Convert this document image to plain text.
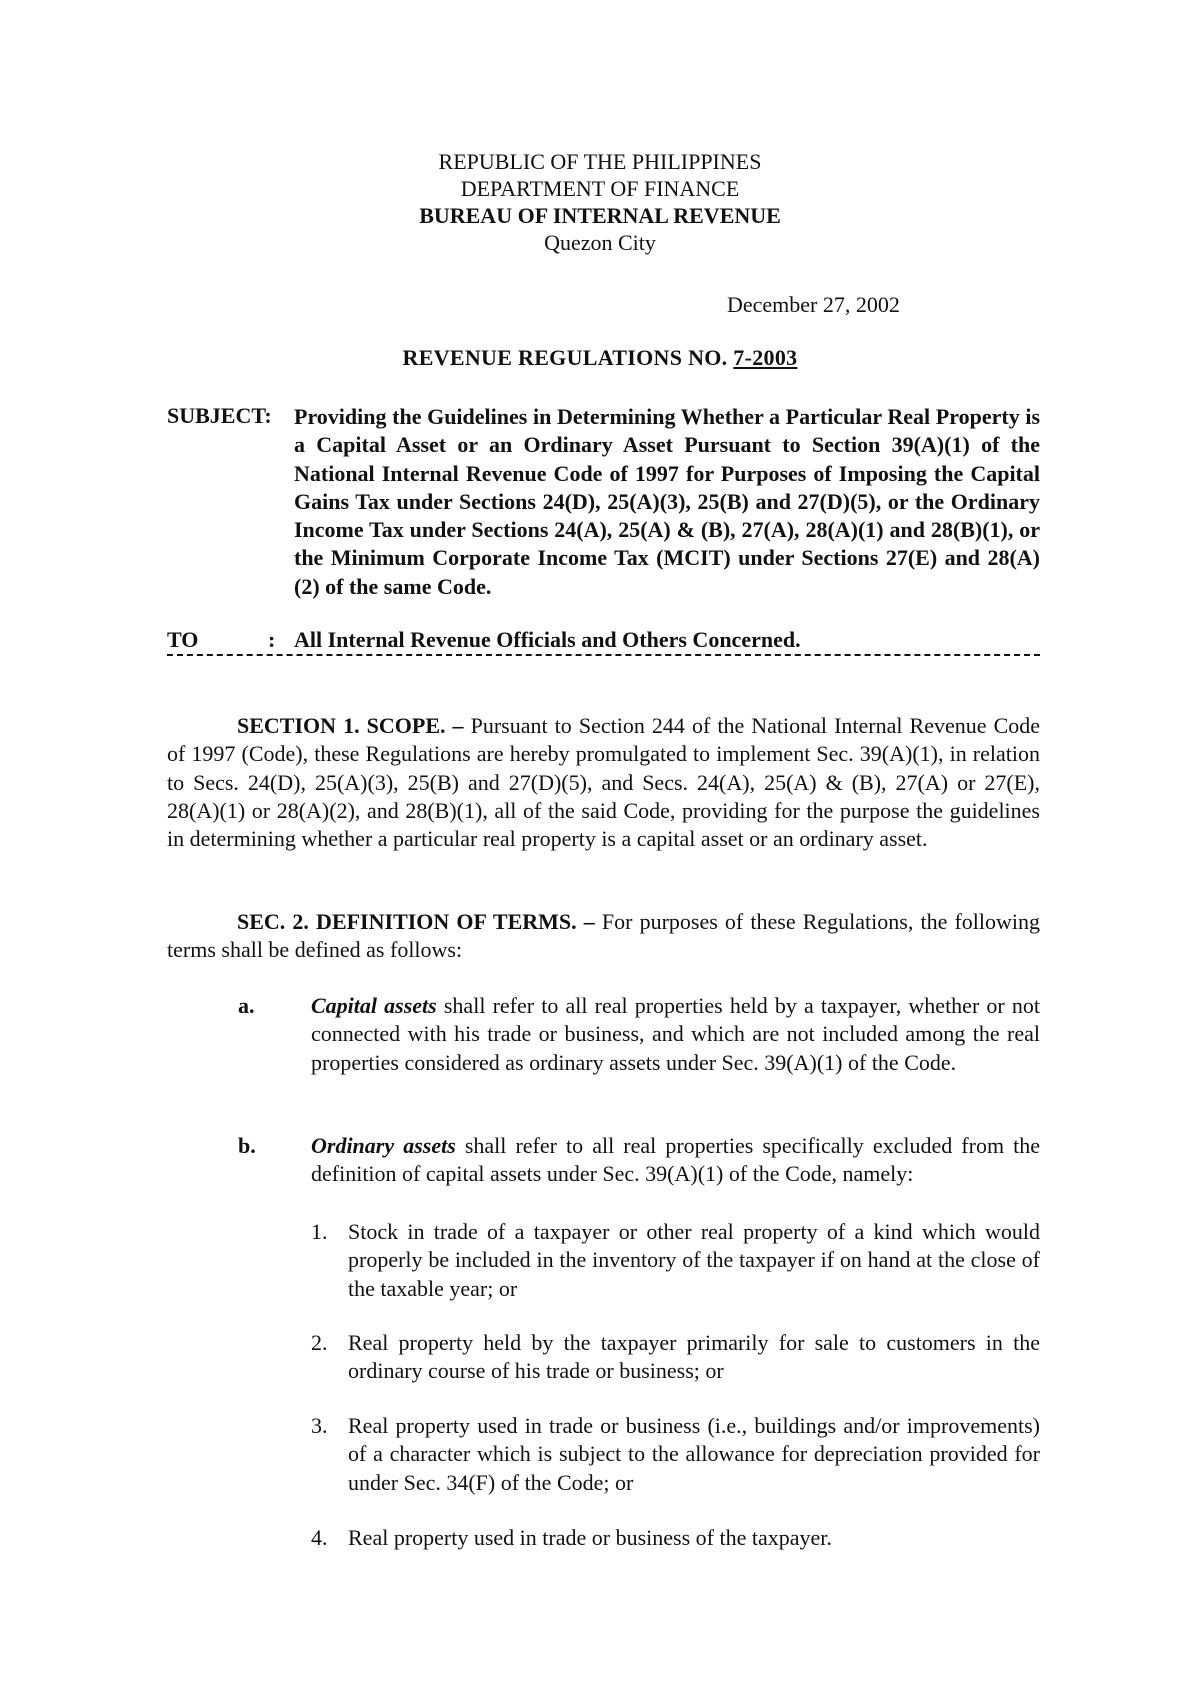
REPUBLIC OF THE PHILIPPINES
DEPARTMENT OF FINANCE
BUREAU OF INTERNAL REVENUE
Quezon City
December 27, 2002
REVENUE REGULATIONS NO. 7-2003
SUBJECT: Providing the Guidelines in Determining Whether a Particular Real Property is a Capital Asset or an Ordinary Asset Pursuant to Section 39(A)(1) of the National Internal Revenue Code of 1997 for Purposes of Imposing the Capital Gains Tax under Sections 24(D), 25(A)(3), 25(B) and 27(D)(5), or the Ordinary Income Tax under Sections 24(A), 25(A) & (B), 27(A), 28(A)(1) and 28(B)(1), or the Minimum Corporate Income Tax (MCIT) under Sections 27(E) and 28(A)(2) of the same Code.
TO	: All Internal Revenue Officials and Others Concerned.
SECTION 1. SCOPE. – Pursuant to Section 244 of the National Internal Revenue Code of 1997 (Code), these Regulations are hereby promulgated to implement Sec. 39(A)(1), in relation to Secs. 24(D), 25(A)(3), 25(B) and 27(D)(5), and Secs. 24(A), 25(A) & (B), 27(A) or 27(E), 28(A)(1) or 28(A)(2), and 28(B)(1), all of the said Code, providing for the purpose the guidelines in determining whether a particular real property is a capital asset or an ordinary asset.
SEC. 2. DEFINITION OF TERMS. – For purposes of these Regulations, the following terms shall be defined as follows:
a.	Capital assets shall refer to all real properties held by a taxpayer, whether or not connected with his trade or business, and which are not included among the real properties considered as ordinary assets under Sec. 39(A)(1) of the Code.
b.	Ordinary assets shall refer to all real properties specifically excluded from the definition of capital assets under Sec. 39(A)(1) of the Code, namely:
1. Stock in trade of a taxpayer or other real property of a kind which would properly be included in the inventory of the taxpayer if on hand at the close of the taxable year; or
2. Real property held by the taxpayer primarily for sale to customers in the ordinary course of his trade or business; or
3. Real property used in trade or business (i.e., buildings and/or improvements) of a character which is subject to the allowance for depreciation provided for under Sec. 34(F) of the Code; or
4. Real property used in trade or business of the taxpayer.
